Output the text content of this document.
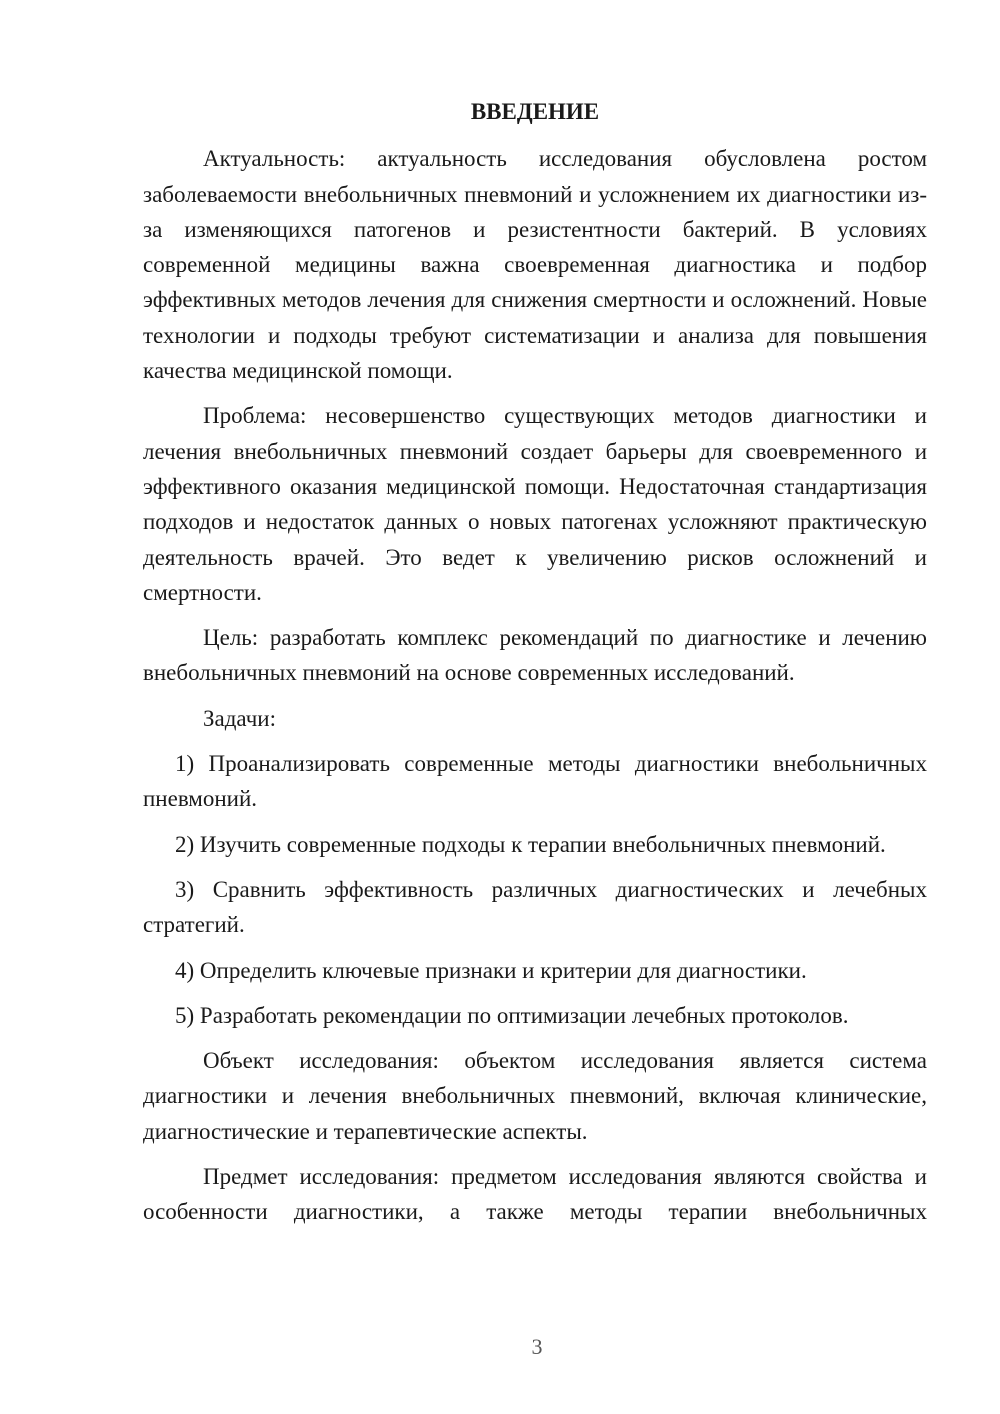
ВВЕДЕНИЕ

Актуальность: актуальность исследования обусловлена ростом заболеваемости внебольничных пневмоний и усложнением их диагностики из-за изменяющихся патогенов и резистентности бактерий. В условиях современной медицины важна своевременная диагностика и подбор эффективных методов лечения для снижения смертности и осложнений. Новые технологии и подходы требуют систематизации и анализа для повышения качества медицинской помощи.

Проблема: несовершенство существующих методов диагностики и лечения внебольничных пневмоний создает барьеры для своевременного и эффективного оказания медицинской помощи. Недостаточная стандартизация подходов и недостаток данных о новых патогенах усложняют практическую деятельность врачей. Это ведет к увеличению рисков осложнений и смертности.

Цель: разработать комплекс рекомендаций по диагностике и лечению внебольничных пневмоний на основе современных исследований.

Задачи:

1) Проанализировать современные методы диагностики внебольничных пневмоний.

2) Изучить современные подходы к терапии внебольничных пневмоний.

3) Сравнить эффективность различных диагностических и лечебных стратегий.

4) Определить ключевые признаки и критерии для диагностики.

5) Разработать рекомендации по оптимизации лечебных протоколов.

Объект исследования: объектом исследования является система диагностики и лечения внебольничных пневмоний, включая клинические, диагностические и терапевтические аспекты.

Предмет исследования: предметом исследования являются свойства и особенности диагностики, а также методы терапии внебольничных

3
